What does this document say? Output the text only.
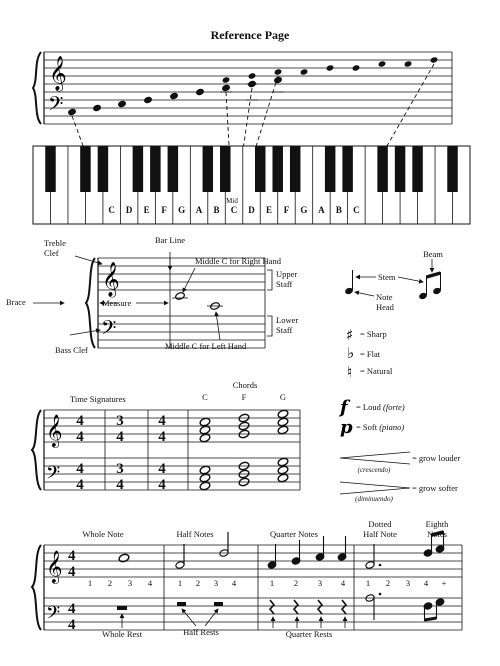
Reference Page
𝄞
𝄢
C D E F G A B C D E F G A B C
Mid
𝄞
𝄢
Treble Clef
Bar Line
Middle C for Right Hand
Upper Staff
Brace	Measure
Lower Staff
Middle C for Left Hand
Bass Clef
Beam
Stem
Note Head
♯ = Sharp
♭ = Flat
♮ = Natural
𝄞
𝄢
4
4
4
4
3
4
3
4
4
4
4
4
Time Signatures
Chords
C	F	G	f = Loud (forte)
p = Soft (piano)
(crescendo)
= grow louder
(diminuendo)
= grow softer
𝄞
𝄢
4
4
4
4
1 2 3 4	1 2 3 4	1 2 3 4 1 2 3 4 +
Whole Note	Half Notes	Quarter Notes
Dotted Half Note
Eighth Notes
Whole Rest	Half Rests	Quarter Rests
